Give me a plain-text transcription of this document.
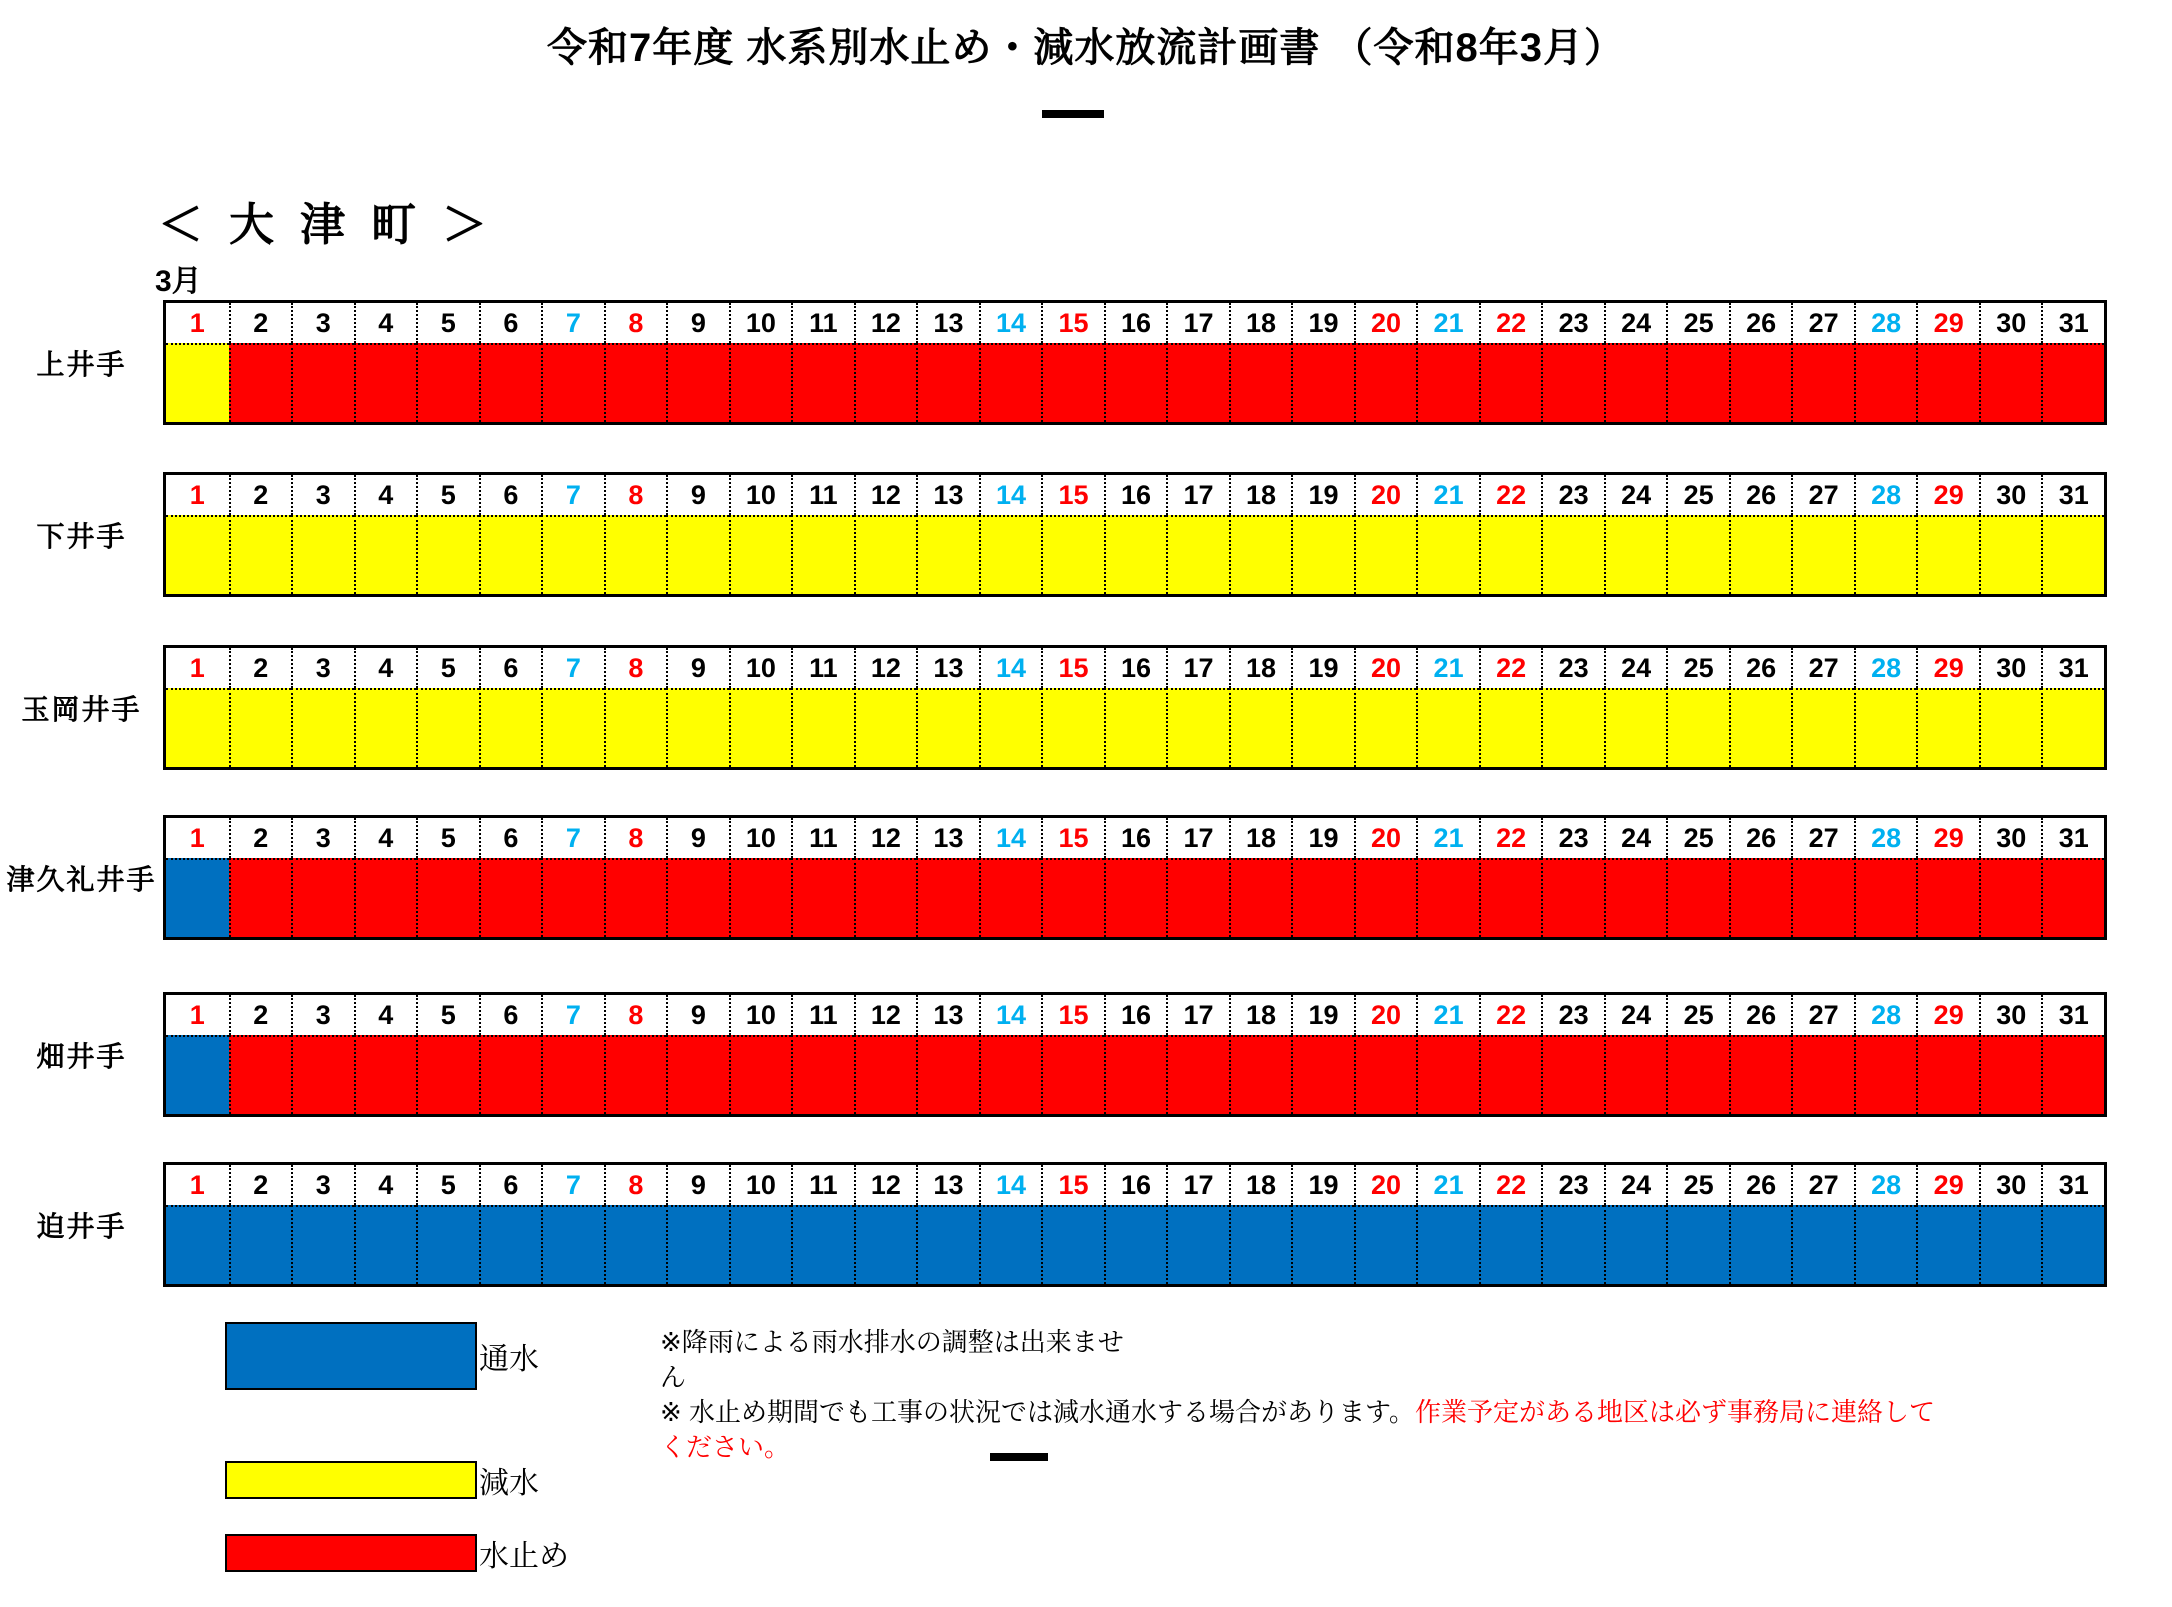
令和7年度 水系別水止め・減水放流計画書 （令和8年3月）
＜大津町＞
3月
上井手
1	2	3	4	5	6	7	8	9	10	11	12	13	14	15	16	17	18	19	20	21	22	23	24	25	26	27	28	29	30	31
下井手
1	2	3	4	5	6	7	8	9	10	11	12	13	14	15	16	17	18	19	20	21	22	23	24	25	26	27	28	29	30	31
玉岡井手
1	2	3	4	5	6	7	8	9	10	11	12	13	14	15	16	17	18	19	20	21	22	23	24	25	26	27	28	29	30	31
津久礼井手
1	2	3	4	5	6	7	8	9	10	11	12	13	14	15	16	17	18	19	20	21	22	23	24	25	26	27	28	29	30	31
畑井手
1	2	3	4	5	6	7	8	9	10	11	12	13	14	15	16	17	18	19	20	21	22	23	24	25	26	27	28	29	30	31
迫井手
1	2	3	4	5	6	7	8	9	10	11	12	13	14	15	16	17	18	19	20	21	22	23	24	25	26	27	28	29	30	31
通水
減水
水止め
※降雨による雨水排水の調整は出来ませ
ん
※ 水止め期間でも工事の状況では減水通水する場合があります。作業予定がある地区は必ず事務局に連絡して
ください。
